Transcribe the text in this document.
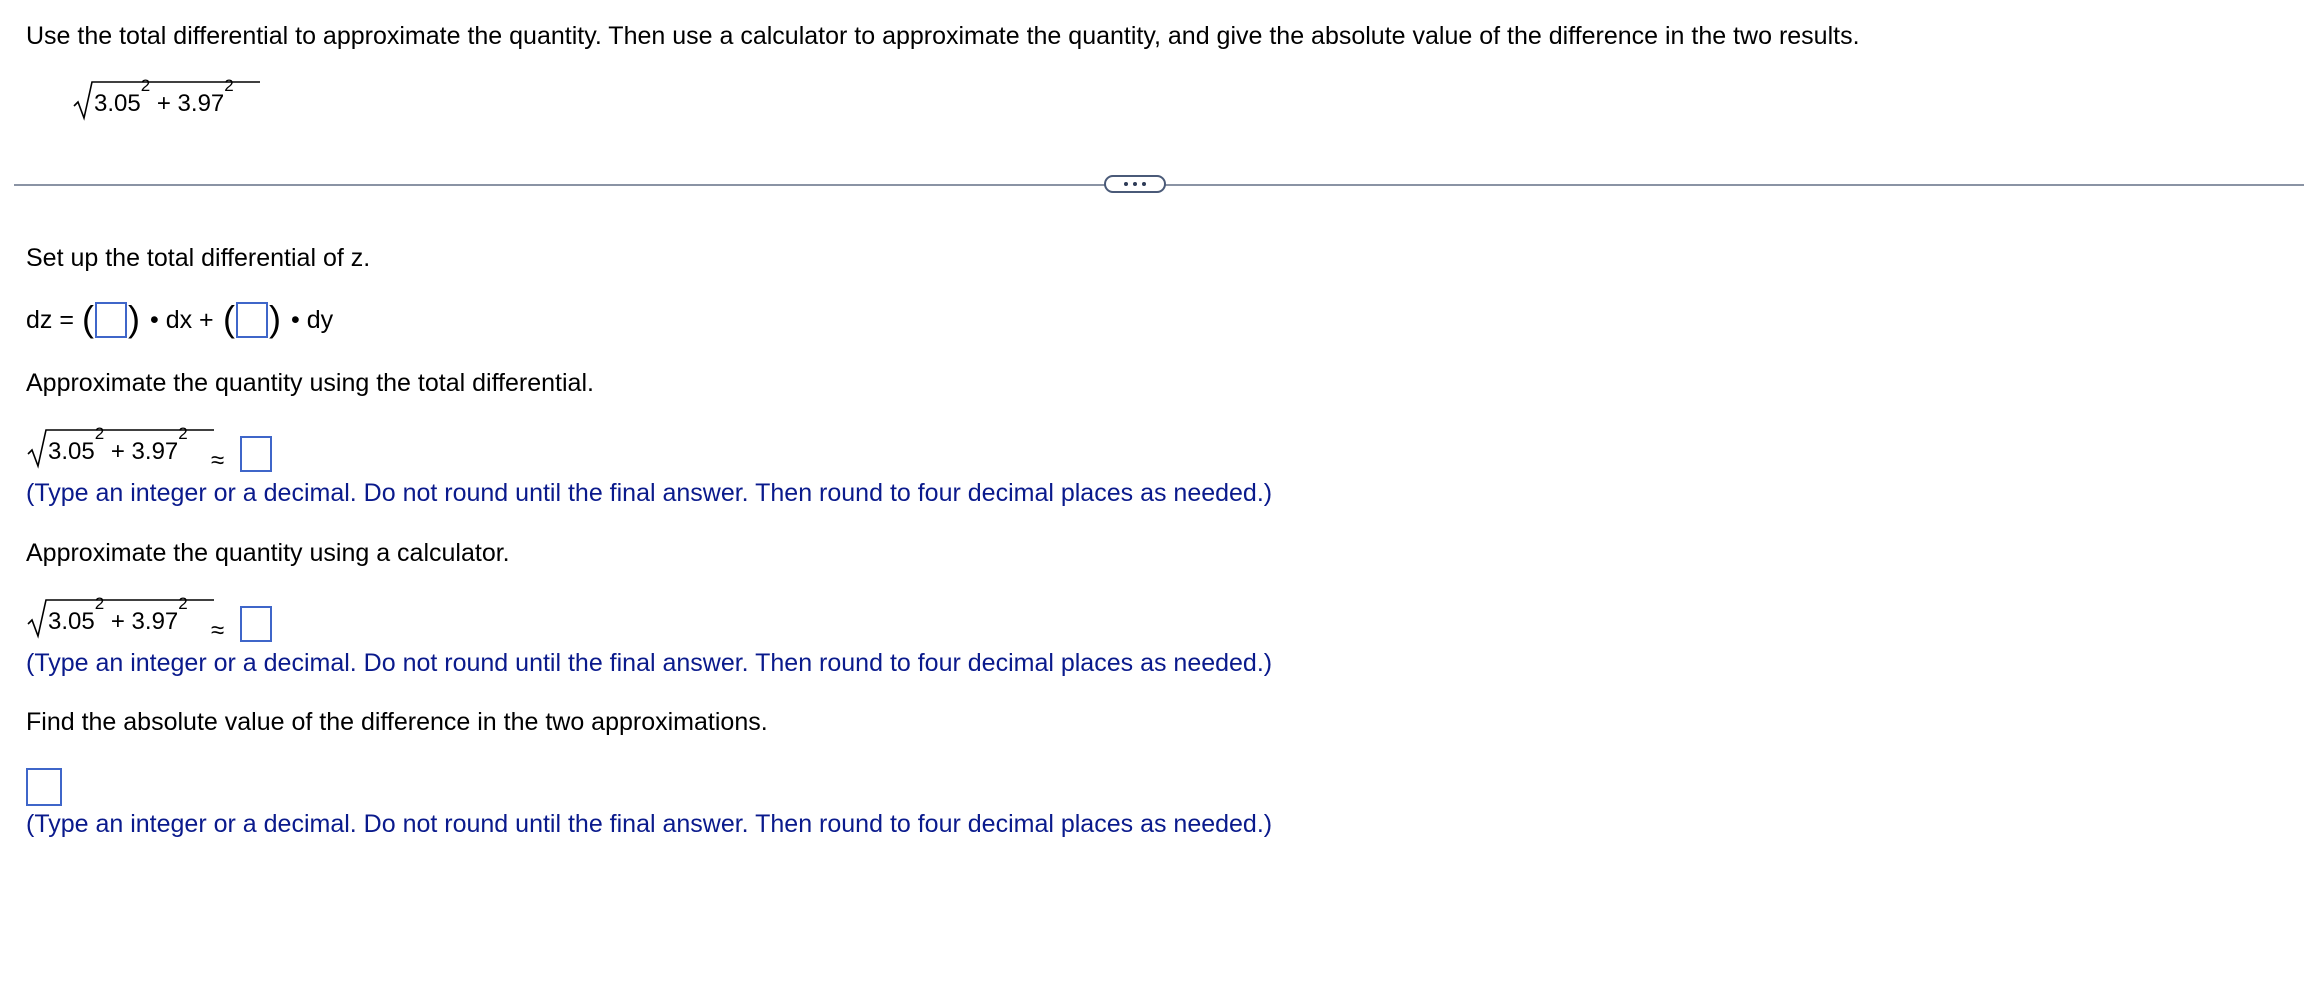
Use the total differential to approximate the quantity. Then use a calculator to approximate the quantity, and give the absolute value of the difference in the two results.
$3.05^2 + 3.97^2$
Set up the total differential of z.
dz = ( ) • dx + ( ) • dy
Approximate the quantity using the total differential.
$3.05^2 + 3.97^2$
≈
(Type an integer or a decimal. Do not round until the final answer. Then round to four decimal places as needed.)
Approximate the quantity using a calculator.
$3.05^2 + 3.97^2$
≈
(Type an integer or a decimal. Do not round until the final answer. Then round to four decimal places as needed.)
Find the absolute value of the difference in the two approximations.
(Type an integer or a decimal. Do not round until the final answer. Then round to four decimal places as needed.)
